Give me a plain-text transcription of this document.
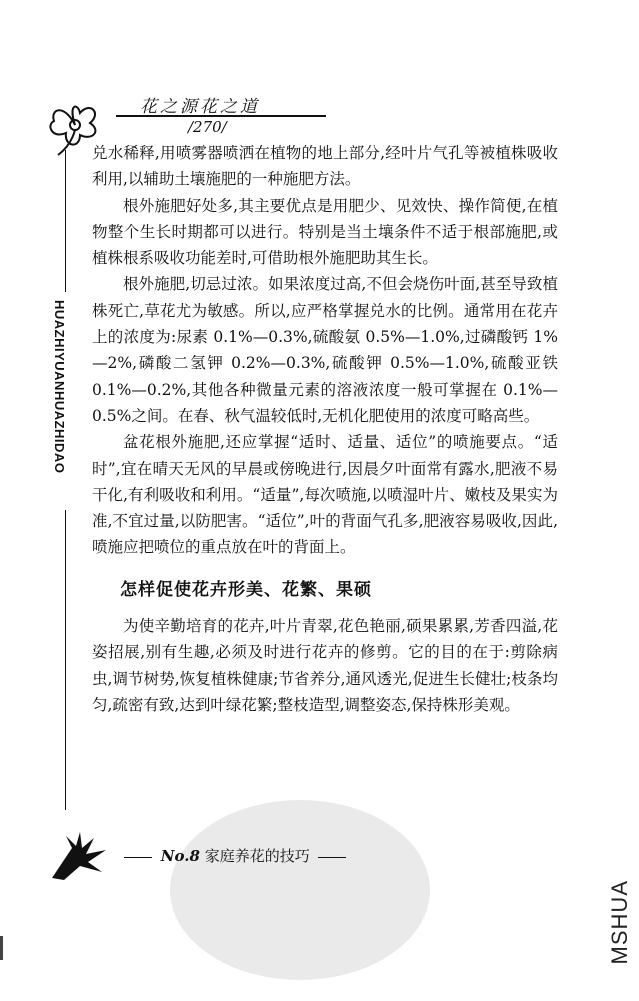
花之源花之道
/270/
HUAZHIYUANHUAZHIDAO

兑水稀释,用喷雾器喷洒在植物的地上部分,经叶片气孔等被植株吸收利用,以辅助土壤施肥的一种施肥方法。

根外施肥好处多,其主要优点是用肥少、见效快、操作简便,在植物整个生长时期都可以进行。特别是当土壤条件不适于根部施肥,或植株根系吸收功能差时,可借助根外施肥助其生长。

根外施肥,切忌过浓。如果浓度过高,不但会烧伤叶面,甚至导致植株死亡,草花尤为敏感。所以,应严格掌握兑水的比例。通常用在花卉上的浓度为:尿素 0.1%—0.3%,硫酸氨 0.5%—1.0%,过磷酸钙 1%—2%,磷酸二氢钾 0.2%—0.3%,硫酸钾 0.5%—1.0%,硫酸亚铁 0.1%—0.2%,其他各种微量元素的溶液浓度一般可掌握在 0.1%—0.5%之间。在春、秋气温较低时,无机化肥使用的浓度可略高些。

盆花根外施肥,还应掌握“适时、适量、适位”的喷施要点。“适时”,宜在晴天无风的早晨或傍晚进行,因晨夕叶面常有露水,肥液不易干化,有利吸收和利用。“适量”,每次喷施,以喷湿叶片、嫩枝及果实为准,不宜过量,以防肥害。“适位”,叶的背面气孔多,肥液容易吸收,因此,喷施应把喷位的重点放在叶的背面上。

怎样促使花卉形美、花繁、果硕

为使辛勤培育的花卉,叶片青翠,花色艳丽,硕果累累,芳香四溢,花姿招展,别有生趣,必须及时进行花卉的修剪。它的目的在于:剪除病虫,调节树势,恢复植株健康;节省养分,通风透光,促进生长健壮;枝条均匀,疏密有致,达到叶绿花繁;整枝造型,调整姿态,保持株形美观。

No.8 家庭养花的技巧
MSHUA
